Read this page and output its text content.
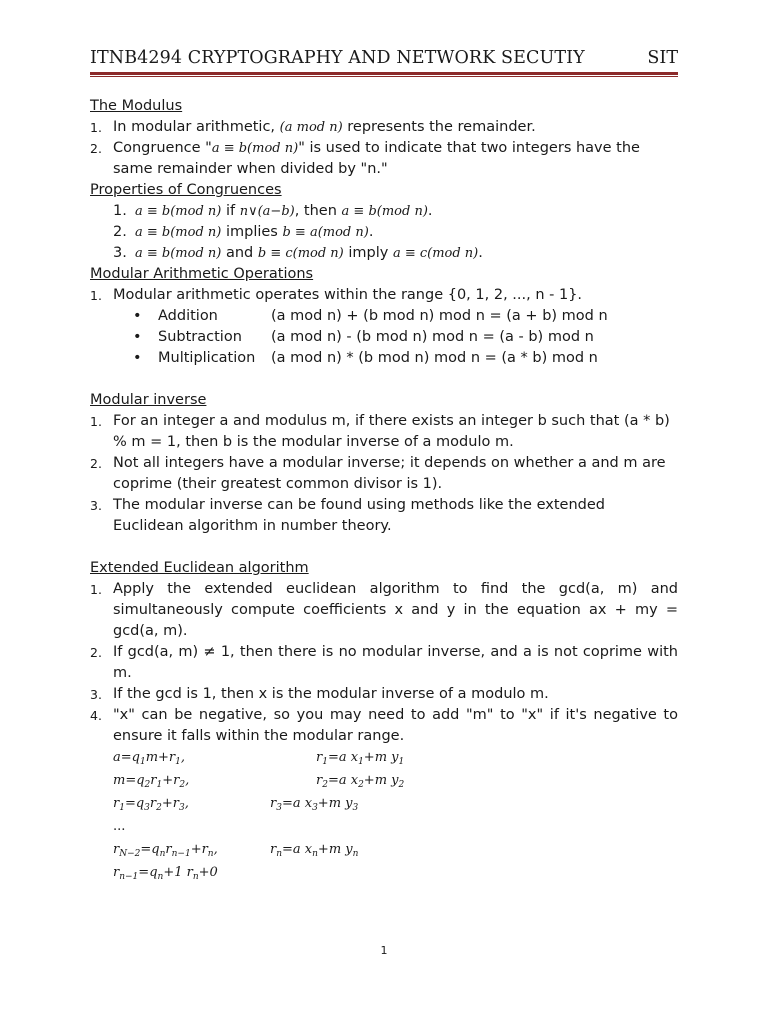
ITNB4294 CRYPTOGRAPHY AND NETWORK SECUTIY	SIT
The Modulus
1. In modular arithmetic, (a mod n) represents the remainder.
2. Congruence "a ≡ b(mod n)" is used to indicate that two integers have the same remainder when divided by "n."
Properties of Congruences
1. a ≡ b(mod n) if n∨(a−b), then a ≡ b(mod n).
2. a ≡ b(mod n) implies b ≡ a(mod n).
3. a ≡ b(mod n) and b ≡ c(mod n) imply a ≡ c(mod n).
Modular Arithmetic Operations
1. Modular arithmetic operates within the range {0, 1, 2, ..., n - 1}.
• Addition	(a mod n) + (b mod n) mod n = (a + b) mod n
• Subtraction (a mod n) - (b mod n) mod n = (a - b) mod n
• Multiplication (a mod n) * (b mod n) mod n = (a * b) mod n
Modular inverse
1. For an integer a and modulus m, if there exists an integer b such that (a * b) % m = 1, then b is the modular inverse of a modulo m.
2. Not all integers have a modular inverse; it depends on whether a and m are coprime (their greatest common divisor is 1).
3. The modular inverse can be found using methods like the extended Euclidean algorithm in number theory.
Extended Euclidean algorithm
1. Apply the extended euclidean algorithm to find the gcd(a, m) and simultaneously compute coefficients x and y in the equation ax + my = gcd(a, m).
2. If gcd(a, m) ≠ 1, then there is no modular inverse, and a is not coprime with m.
3. If the gcd is 1, then x is the modular inverse of a modulo m.
4. "x" can be negative, so you may need to add "m" to "x" if it's negative to ensure it falls within the modular range.
$a=q_1m+r_1$,	$r_1=a$ $x_1+m$ $y_1$
$m=q_2r_1+r_2$,	$r_2=a$ $x_2+m$ $y_2$
$r_1=q_3r_2+r_3$,	$r_3=a$ $x_3+m$ $y_3$
...
$r_{N-2}=q_nr_{n-1}+r_n$,	$r_n=a$ $x_n+m$ $y_n$
$r_{n-1}=q_n+1$ $r_n+0$
1
